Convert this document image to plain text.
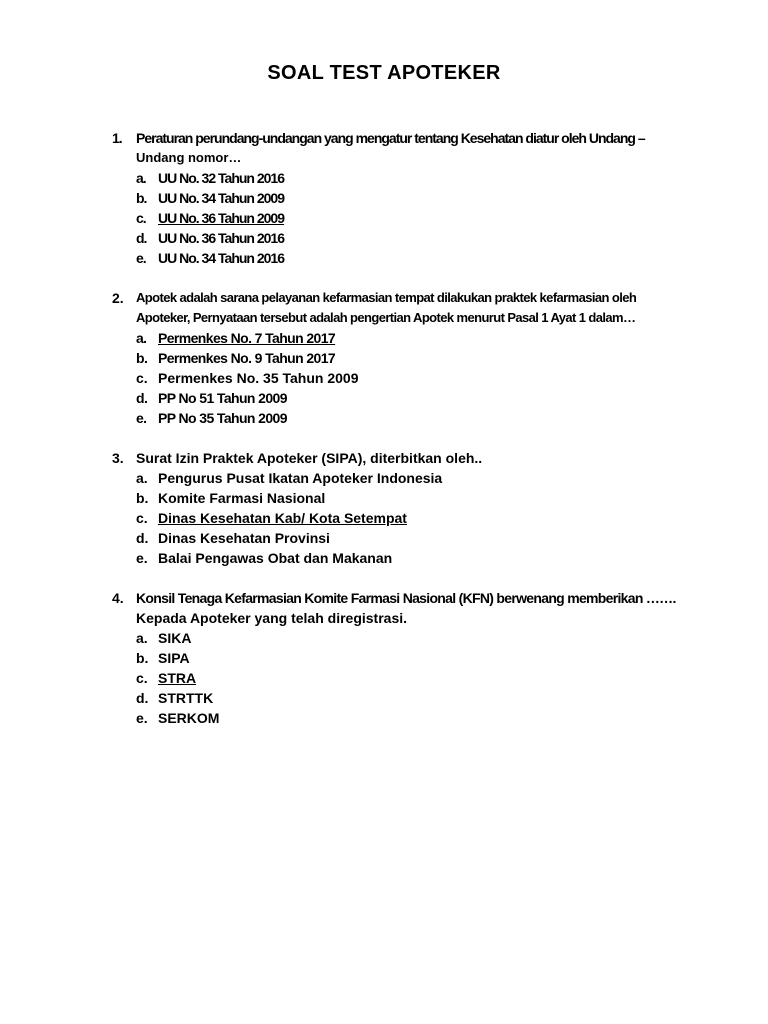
SOAL TEST APOTEKER
1.	Peraturan perundang-undangan yang mengatur tentang Kesehatan diatur oleh Undang –
Undang nomor…
a. UU No. 32 Tahun 2016
b. UU No. 34 Tahun 2009
c. UU No. 36 Tahun 2009
d. UU No. 36 Tahun 2016
e. UU No. 34 Tahun 2016
2. Apotek adalah sarana pelayanan kefarmasian tempat dilakukan praktek kefarmasian oleh
Apoteker, Pernyataan tersebut adalah pengertian Apotek menurut Pasal 1 Ayat 1 dalam…
a. Permenkes No. 7 Tahun 2017
b. Permenkes No. 9 Tahun 2017
c. Permenkes No. 35 Tahun 2009
d. PP No 51 Tahun 2009
e. PP No 35 Tahun 2009
3. Surat Izin Praktek Apoteker (SIPA), diterbitkan oleh..
a. Pengurus Pusat Ikatan Apoteker Indonesia
b. Komite Farmasi Nasional
c. Dinas Kesehatan Kab/ Kota Setempat
d. Dinas Kesehatan Provinsi
e. Balai Pengawas Obat dan Makanan
4. Konsil Tenaga Kefarmasian Komite Farmasi Nasional (KFN) berwenang memberikan …….
Kepada Apoteker yang telah diregistrasi.
a. SIKA
b. SIPA
c. STRA
d. STRTTK
e. SERKOM
